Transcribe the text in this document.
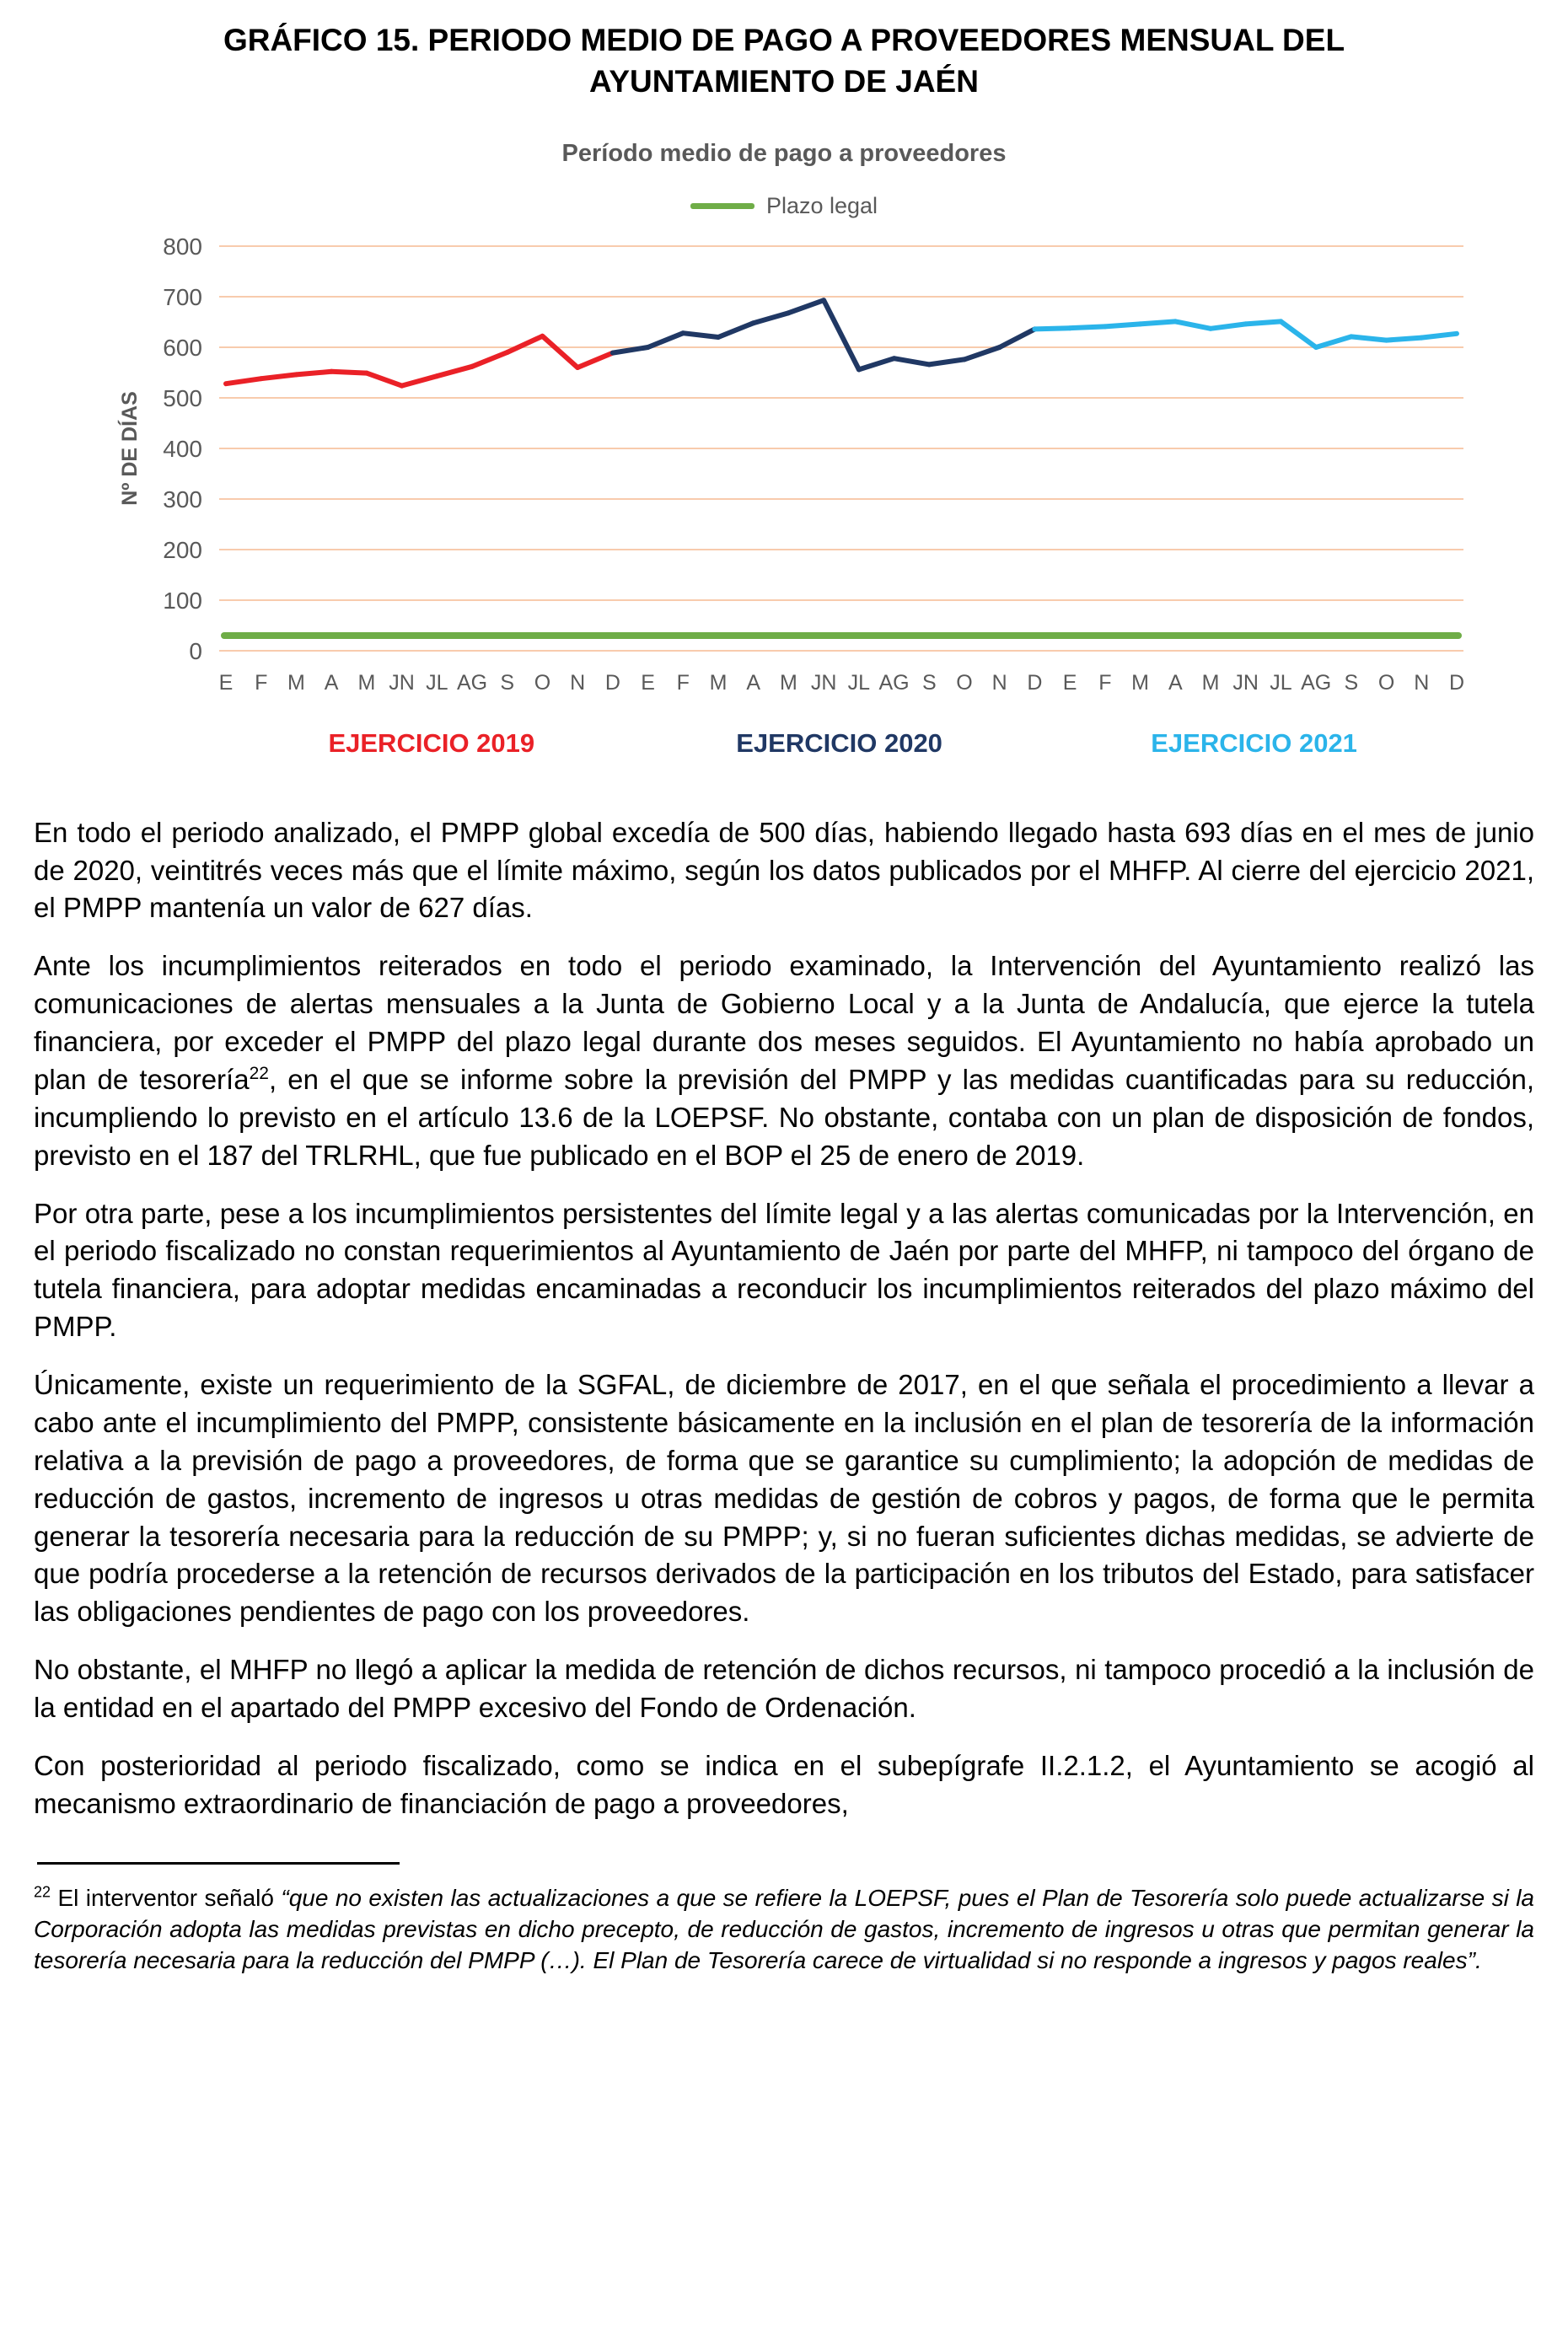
GRÁFICO 15. PERIODO MEDIO DE PAGO A PROVEEDORES MENSUAL DEL
AYUNTAMIENTO DE JAÉN
Período medio de pago a proveedores
Plazo legal
0
100
200
300
400
500
600
700
800
Nº DE DÍAS
E F M A M JN JL AG S O N D E F M A M JN JL AG S O N D E F M A M JN JL AG S O N D
EJERCICIO 2019	EJERCICIO 2020	EJERCICIO 2021

En todo el periodo analizado, el PMPP global excedía de 500 días, habiendo llegado hasta 693 días en el mes de junio de 2020, veintitrés veces más que el límite máximo, según los datos publicados por el MHFP. Al cierre del ejercicio 2021, el PMPP mantenía un valor de 627 días.

Ante los incumplimientos reiterados en todo el periodo examinado, la Intervención del Ayuntamiento realizó las comunicaciones de alertas mensuales a la Junta de Gobierno Local y a la Junta de Andalucía, que ejerce la tutela financiera, por exceder el PMPP del plazo legal durante dos meses seguidos. El Ayuntamiento no había aprobado un plan de tesorería$^{22}$, en el que se informe sobre la previsión del PMPP y las medidas cuantificadas para su reducción, incumpliendo lo previsto en el artículo 13.6 de la LOEPSF. No obstante, contaba con un plan de disposición de fondos, previsto en el 187 del TRLRHL, que fue publicado en el BOP el 25 de enero de 2019.

Por otra parte, pese a los incumplimientos persistentes del límite legal y a las alertas comunicadas por la Intervención, en el periodo fiscalizado no constan requerimientos al Ayuntamiento de Jaén por parte del MHFP, ni tampoco del órgano de tutela financiera, para adoptar medidas encaminadas a reconducir los incumplimientos reiterados del plazo máximo del PMPP.

Únicamente, existe un requerimiento de la SGFAL, de diciembre de 2017, en el que señala el procedimiento a llevar a cabo ante el incumplimiento del PMPP, consistente básicamente en la inclusión en el plan de tesorería de la información relativa a la previsión de pago a proveedores, de forma que se garantice su cumplimiento; la adopción de medidas de reducción de gastos, incremento de ingresos u otras medidas de gestión de cobros y pagos, de forma que le permita generar la tesorería necesaria para la reducción de su PMPP; y, si no fueran suficientes dichas medidas, se advierte de que podría procederse a la retención de recursos derivados de la participación en los tributos del Estado, para satisfacer las obligaciones pendientes de pago con los proveedores.

No obstante, el MHFP no llegó a aplicar la medida de retención de dichos recursos, ni tampoco procedió a la inclusión de la entidad en el apartado del PMPP excesivo del Fondo de Ordenación.

Con posterioridad al periodo fiscalizado, como se indica en el subepígrafe II.2.1.2, el Ayuntamiento se acogió al mecanismo extraordinario de financiación de pago a proveedores,

$^{22}$ El interventor señaló “que no existen las actualizaciones a que se refiere la LOEPSF, pues el Plan de Tesorería solo puede actualizarse si la Corporación adopta las medidas previstas en dicho precepto, de reducción de gastos, incremento de ingresos u otras que permitan generar la tesorería necesaria para la reducción del PMPP (…). El Plan de Tesorería carece de virtualidad si no responde a ingresos y pagos reales”.
